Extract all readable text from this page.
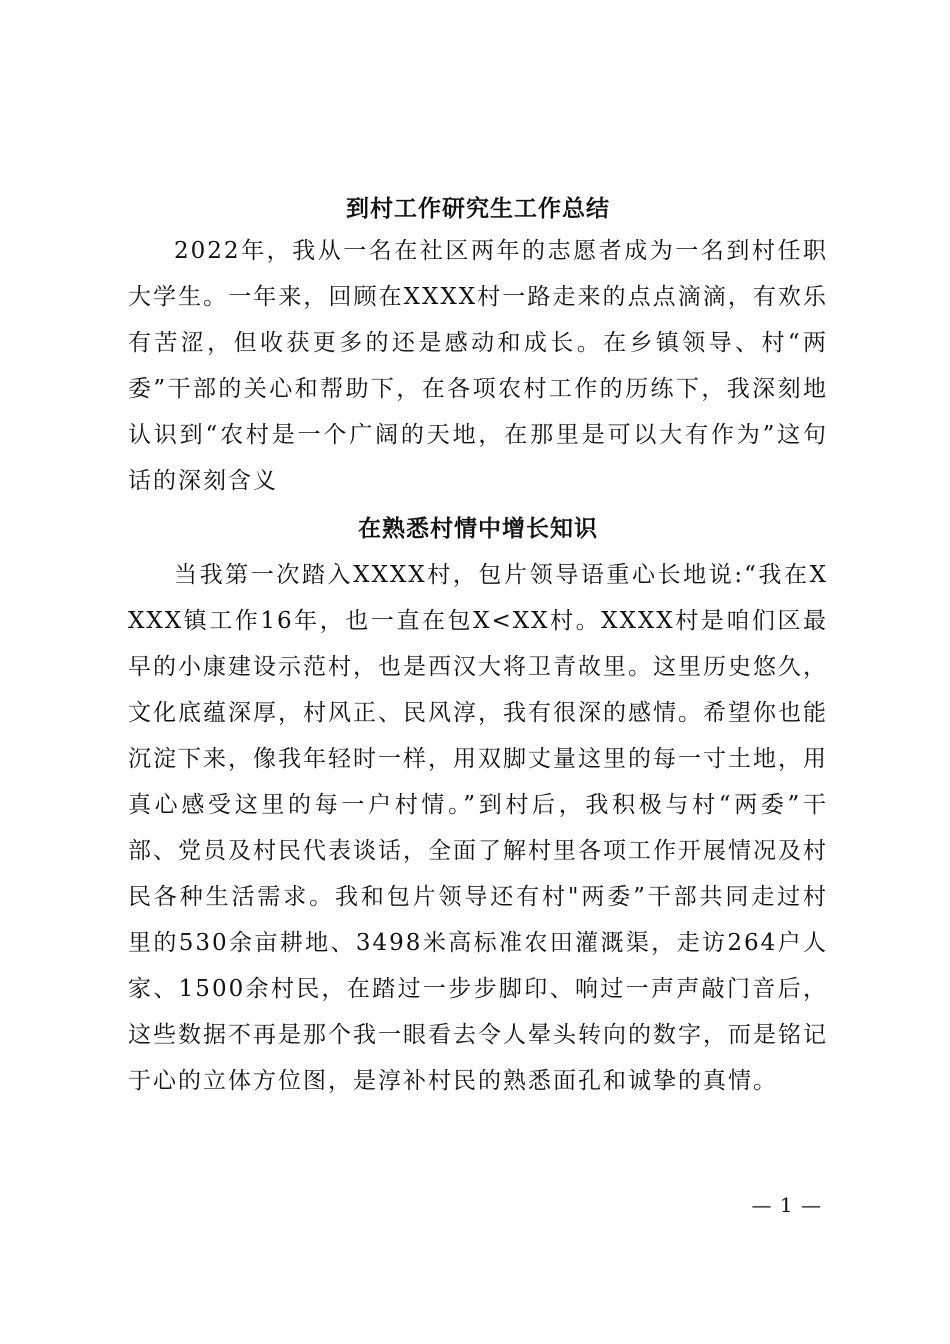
到村工作研究生工作总结

2022年，我从一名在社区两年的志愿者成为一名到村任职大学生。一年来，回顾在XXXX村一路走来的点点滴滴，有欢乐有苦涩，但收获更多的还是感动和成长。在乡镇领导、村“两委”干部的关心和帮助下，在各项农村工作的历练下，我深刻地认识到“农村是一个广阔的天地，在那里是可以大有作为”这句话的深刻含义

在熟悉村情中增长知识

当我第一次踏入XXXX村，包片领导语重心长地说:“我在XXXX镇工作16年，也一直在包X<XX村。XXXX村是咱们区最早的小康建设示范村，也是西汉大将卫青故里。这里历史悠久，文化底蕴深厚，村风正、民风淳，我有很深的感情。希望你也能沉淀下来，像我年轻时一样，用双脚丈量这里的每一寸土地，用真心感受这里的每一户村情。”到村后，我积极与村“两委”干部、党员及村民代表谈话，全面了解村里各项工作开展情况及村民各种生活需求。我和包片领导还有村"两委”干部共同走过村里的530余亩耕地、3498米高标准农田灌溉渠，走访264户人家、1500余村民，在踏过一步步脚印、响过一声声敲门音后，这些数据不再是那个我一眼看去令人晕头转向的数字，而是铭记于心的立体方位图，是淳补村民的熟悉面孔和诚挚的真情。

— 1 —
